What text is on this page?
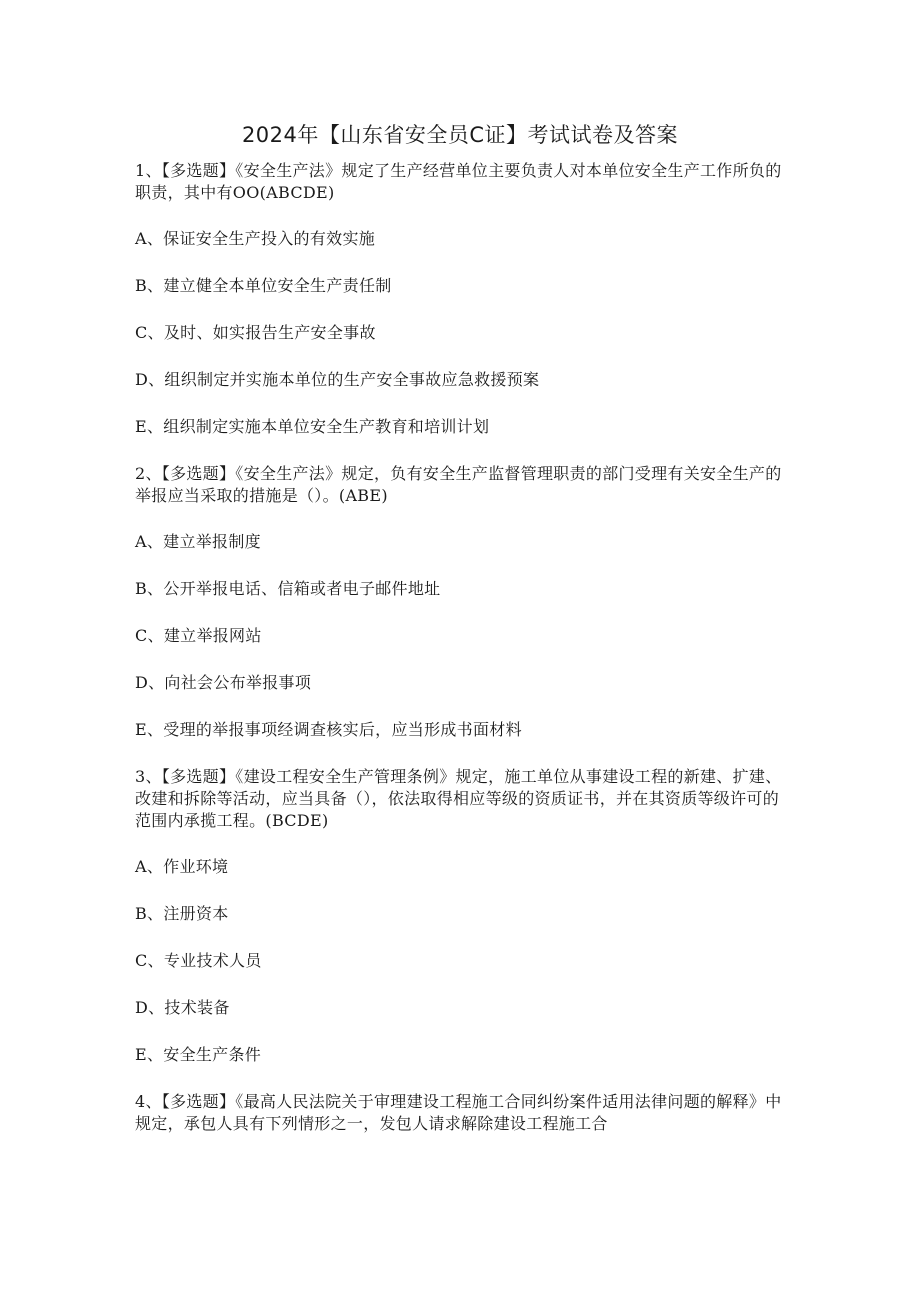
2024年【山东省安全员C证】考试试卷及答案

1、【多选题】《安全生产法》规定了生产经营单位主要负责人对本单位安全生产工作所负的职责，其中有OO(ABCDE)

A、保证安全生产投入的有效实施

B、建立健全本单位安全生产责任制

C、及时、如实报告生产安全事故

D、组织制定并实施本单位的生产安全事故应急救援预案

E、组织制定实施本单位安全生产教育和培训计划

2、【多选题】《安全生产法》规定，负有安全生产监督管理职责的部门受理有关安全生产的举报应当采取的措施是（）。(ABE)

A、建立举报制度

B、公开举报电话、信箱或者电子邮件地址

C、建立举报网站

D、向社会公布举报事项

E、受理的举报事项经调查核实后，应当形成书面材料

3、【多选题】《建设工程安全生产管理条例》规定，施工单位从事建设工程的新建、扩建、改建和拆除等活动，应当具备（），依法取得相应等级的资质证书，并在其资质等级许可的范围内承揽工程。(BCDE)

A、作业环境

B、注册资本

C、专业技术人员

D、技术装备

E、安全生产条件

4、【多选题】《最高人民法院关于审理建设工程施工合同纠纷案件适用法律问题的解释》中规定，承包人具有下列情形之一，发包人请求解除建设工程施工合
